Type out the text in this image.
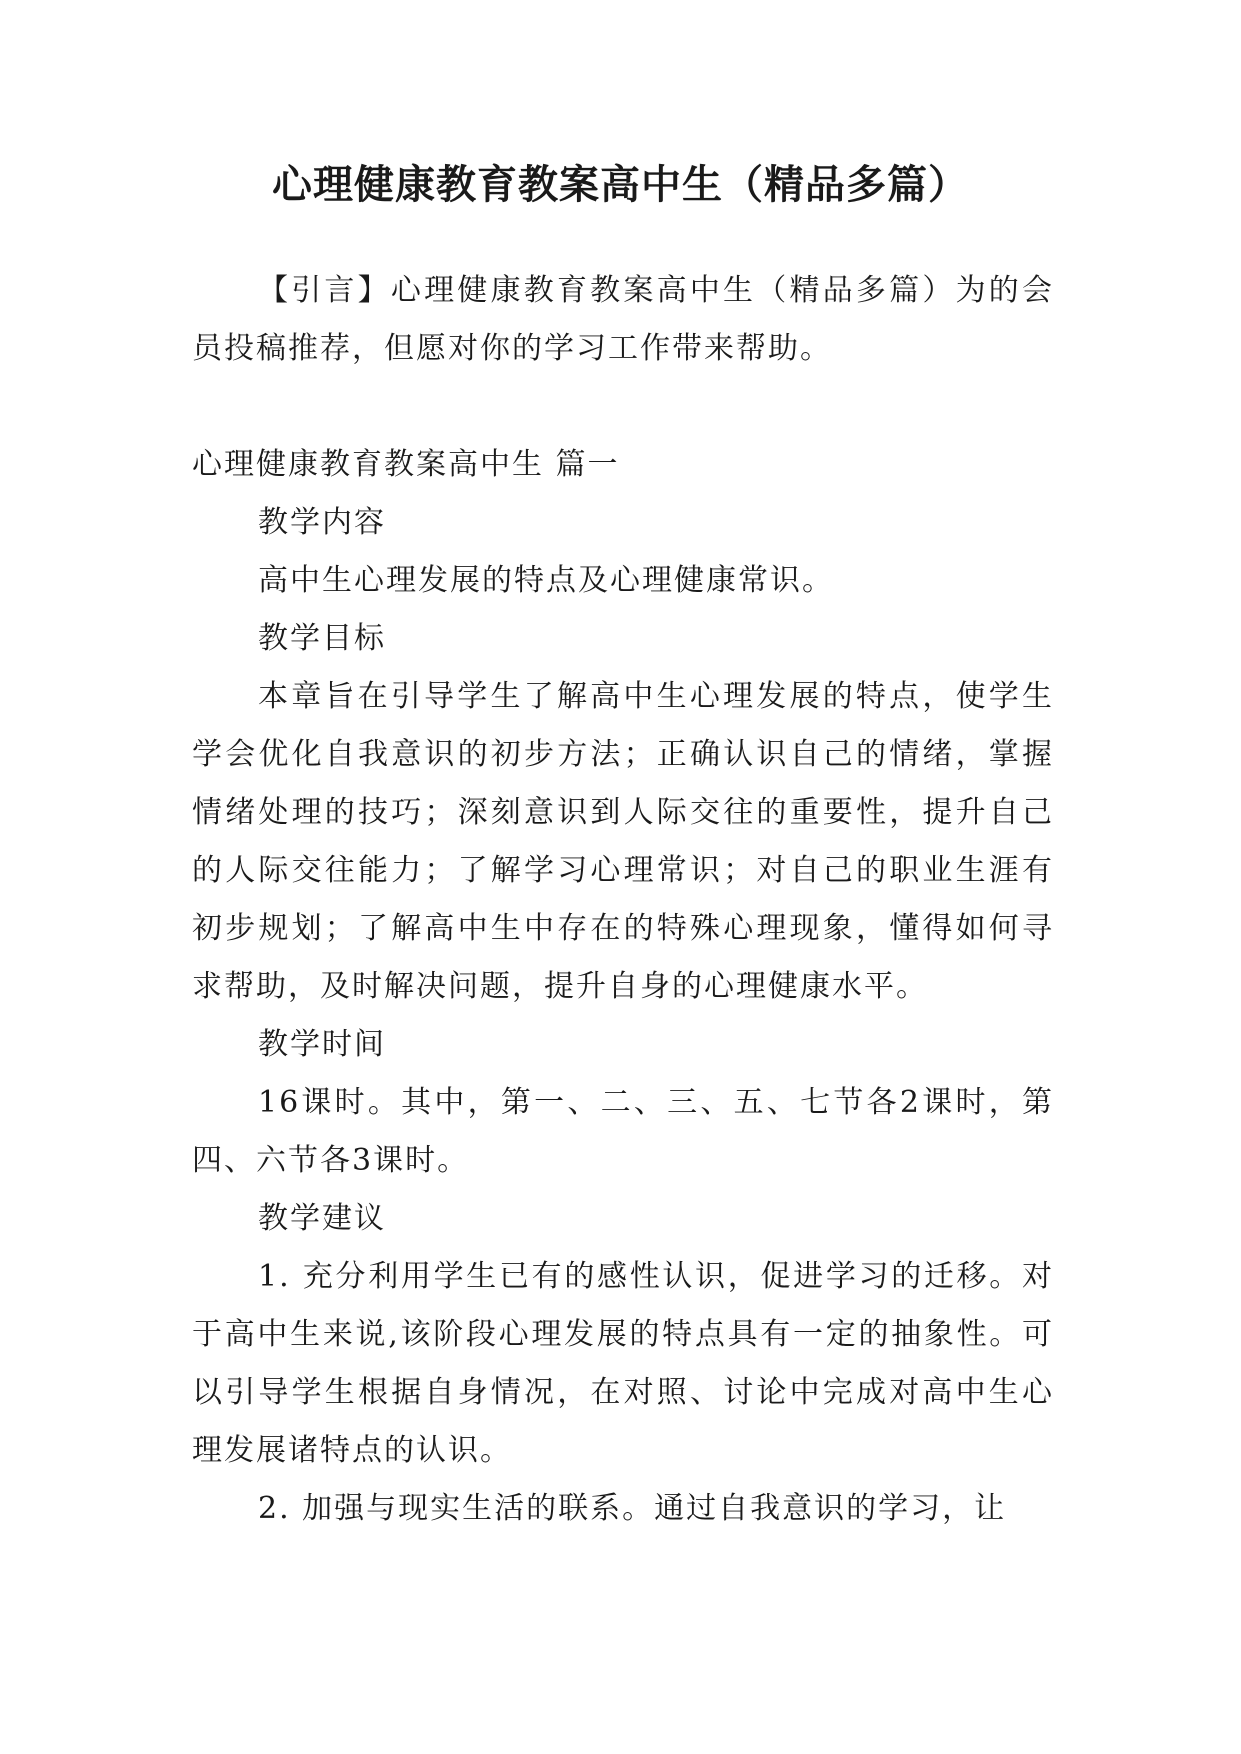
心理健康教育教案高中生（精品多篇）

【引言】心理健康教育教案高中生（精品多篇）为的会员投稿推荐，但愿对你的学习工作带来帮助。

心理健康教育教案高中生 篇一

教学内容

高中生心理发展的特点及心理健康常识。

教学目标

本章旨在引导学生了解高中生心理发展的特点，使学生学会优化自我意识的初步方法；正确认识自己的情绪，掌握情绪处理的技巧；深刻意识到人际交往的重要性，提升自己的人际交往能力；了解学习心理常识；对自己的职业生涯有初步规划；了解高中生中存在的特殊心理现象，懂得如何寻求帮助，及时解决问题，提升自身的心理健康水平。

教学时间

16课时。其中，第一、二、三、五、七节各2课时，第四、六节各3课时。

教学建议

1. 充分利用学生已有的感性认识，促进学习的迁移。对于高中生来说,该阶段心理发展的特点具有一定的抽象性。可以引导学生根据自身情况，在对照、讨论中完成对高中生心理发展诸特点的认识。

2. 加强与现实生活的联系。通过自我意识的学习，让
